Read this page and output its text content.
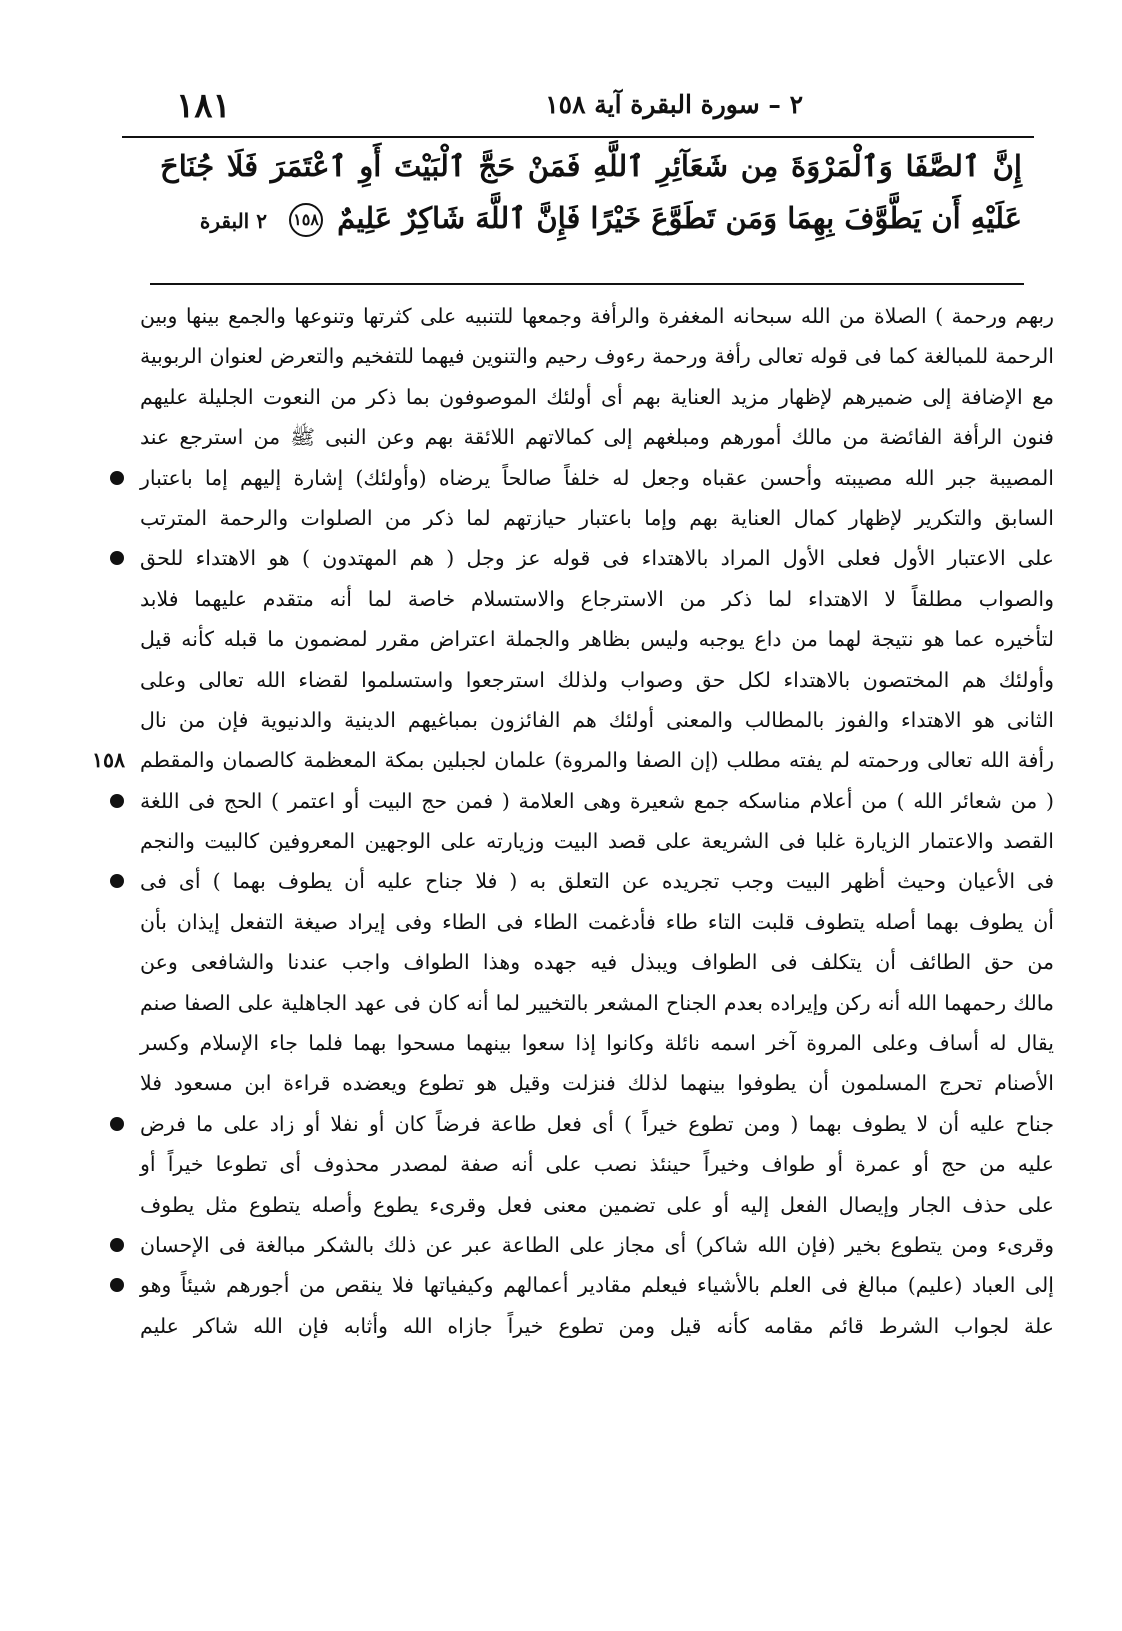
٢ – سورة البقرة آية ١٥٨
١٨١
إِنَّ ٱلصَّفَا وَٱلْمَرْوَةَ مِن شَعَآئِرِ ٱللَّهِ فَمَنْ حَجَّ ٱلْبَيْتَ أَوِ ٱعْتَمَرَ فَلَا جُنَاحَ عَلَيْهِ أَن يَطَّوَّفَ بِهِمَا وَمَن تَطَوَّعَ خَيْرًا فَإِنَّ ٱللَّهَ شَاكِرٌ عَلِيمٌ ١٥٨ ٢ البقرة
ربهم ورحمة ) الصلاة من الله سبحانه المغفرة والرأفة وجمعها للتنبيه على كثرتها وتنوعها والجمع بينها وبين
الرحمة للمبالغة كما فى قوله تعالى رأفة ورحمة رءوف رحيم والتنوين فيهما للتفخيم والتعرض لعنوان الربوبية
مع الإضافة إلى ضميرهم لإظهار مزيد العناية بهم أى أولئك الموصوفون بما ذكر من النعوت الجليلة عليهم
فنون الرأفة الفائضة من مالك أمورهم ومبلغهم إلى كمالاتهم اللائقة بهم وعن النبى ﷺ من استرجع عند
المصيبة جبر الله مصيبته وأحسن عقباه وجعل له خلفاً صالحاً يرضاه (وأولئك) إشارة إليهم إما باعتبار
السابق والتكرير لإظهار كمال العناية بهم وإما باعتبار حيازتهم لما ذكر من الصلوات والرحمة المترتب
على الاعتبار الأول فعلى الأول المراد بالاهتداء فى قوله عز وجل ( هم المهتدون ) هو الاهتداء للحق
والصواب مطلقاً لا الاهتداء لما ذكر من الاسترجاع والاستسلام خاصة لما أنه متقدم عليهما فلابد
لتأخيره عما هو نتيجة لهما من داع يوجبه وليس بظاهر والجملة اعتراض مقرر لمضمون ما قبله كأنه قيل
وأولئك هم المختصون بالاهتداء لكل حق وصواب ولذلك استرجعوا واستسلموا لقضاء الله تعالى وعلى
الثانى هو الاهتداء والفوز بالمطالب والمعنى أولئك هم الفائزون بمباغيهم الدينية والدنيوية فإن من نال
رأفة الله تعالى ورحمته لم يفته مطلب (إن الصفا والمروة) علمان لجبلين بمكة المعظمة كالصمان والمقطم
١٥٨
( من شعائر الله ) من أعلام مناسكه جمع شعيرة وهى العلامة ( فمن حج البيت أو اعتمر ) الحج فى اللغة
القصد والاعتمار الزيارة غلبا فى الشريعة على قصد البيت وزيارته على الوجهين المعروفين كالبيت والنجم
فى الأعيان وحيث أظهر البيت وجب تجريده عن التعلق به ( فلا جناح عليه أن يطوف بهما ) أى فى
أن يطوف بهما أصله يتطوف قلبت التاء طاء فأدغمت الطاء فى الطاء وفى إيراد صيغة التفعل إيذان بأن
من حق الطائف أن يتكلف فى الطواف ويبذل فيه جهده وهذا الطواف واجب عندنا والشافعى وعن
مالك رحمهما الله أنه ركن وإيراده بعدم الجناح المشعر بالتخيير لما أنه كان فى عهد الجاهلية على الصفا صنم
يقال له أساف وعلى المروة آخر اسمه نائلة وكانوا إذا سعوا بينهما مسحوا بهما فلما جاء الإسلام وكسر
الأصنام تحرج المسلمون أن يطوفوا بينهما لذلك فنزلت وقيل هو تطوع ويعضده قراءة ابن مسعود فلا
جناح عليه أن لا يطوف بهما ( ومن تطوع خيراً ) أى فعل طاعة فرضاً كان أو نفلا أو زاد على ما فرض
عليه من حج أو عمرة أو طواف وخيراً حينئذ نصب على أنه صفة لمصدر محذوف أى تطوعا خيراً أو
على حذف الجار وإيصال الفعل إليه أو على تضمين معنى فعل وقرىء يطوع وأصله يتطوع مثل يطوف
وقرىء ومن يتطوع بخير (فإن الله شاكر) أى مجاز على الطاعة عبر عن ذلك بالشكر مبالغة فى الإحسان
إلى العباد (عليم) مبالغ فى العلم بالأشياء فيعلم مقادير أعمالهم وكيفياتها فلا ينقص من أجورهم شيئاً وهو
علة لجواب الشرط قائم مقامه كأنه قيل ومن تطوع خيراً جازاه الله وأثابه فإن الله شاكر عليم
